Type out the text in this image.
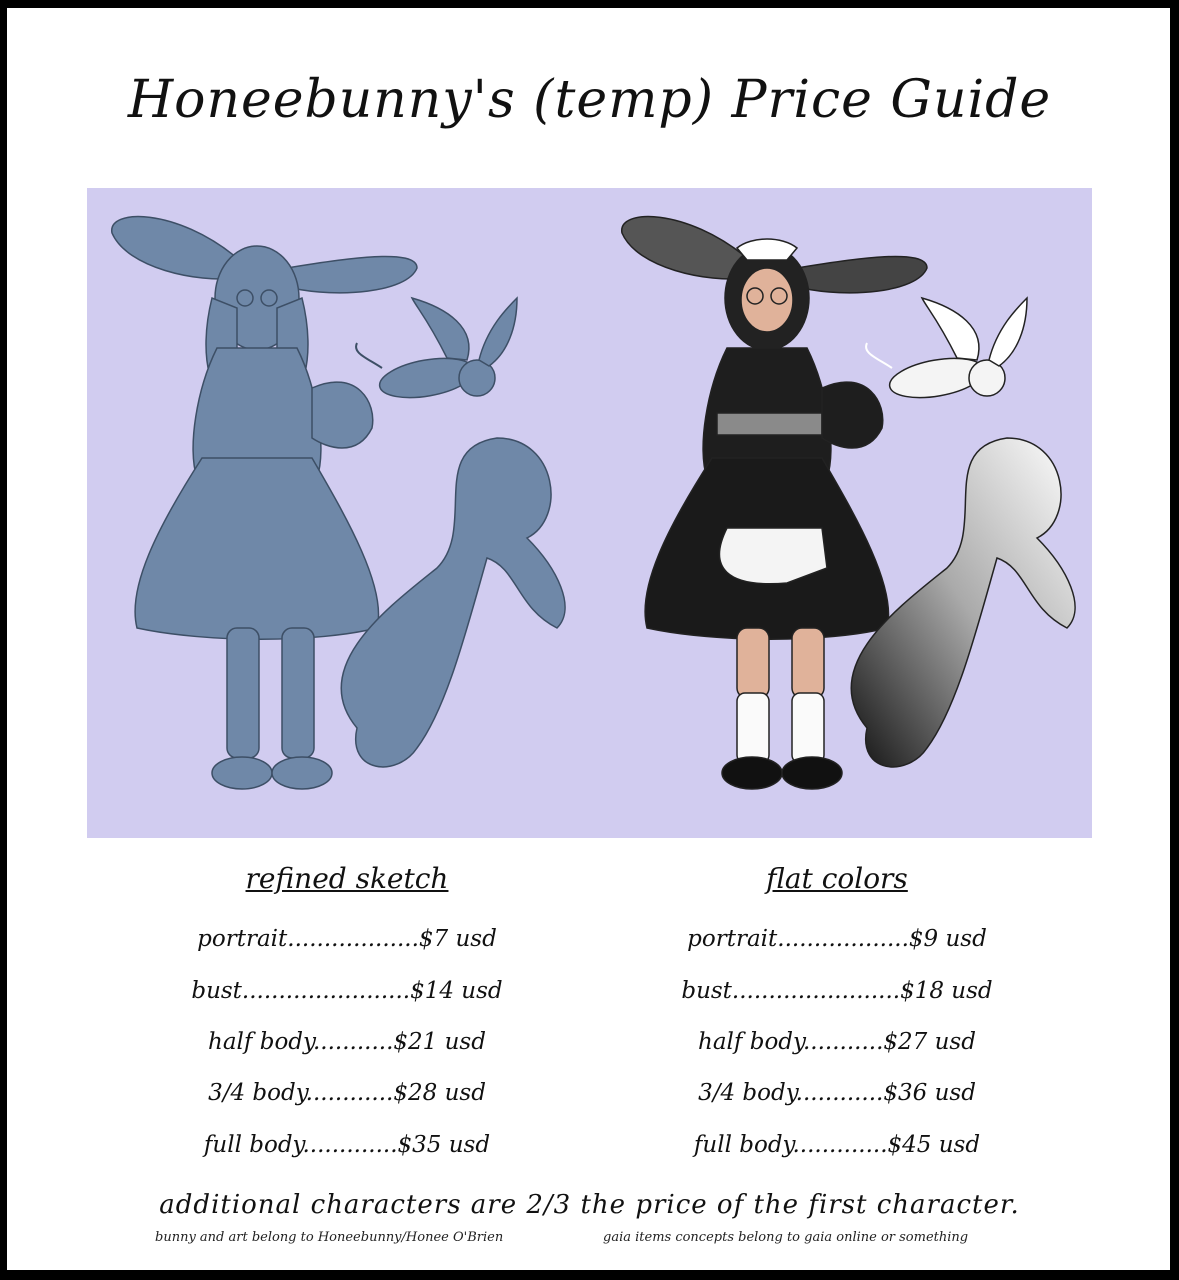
Honeebunny's (temp) Price Guide
refined sketch
portrait..................$7 usd
bust.......................$14 usd
half body...........$21 usd
3/4 body............$28 usd
full body.............$35 usd
flat colors
portrait..................$9 usd
bust.......................$18 usd
half body...........$27 usd
3/4 body............$36 usd
full body.............$45 usd
additional characters are 2/3 the price of the first character.
bunny and art belong to Honeebunny/Honee O'Brien	gaia items concepts belong to gaia online or something
